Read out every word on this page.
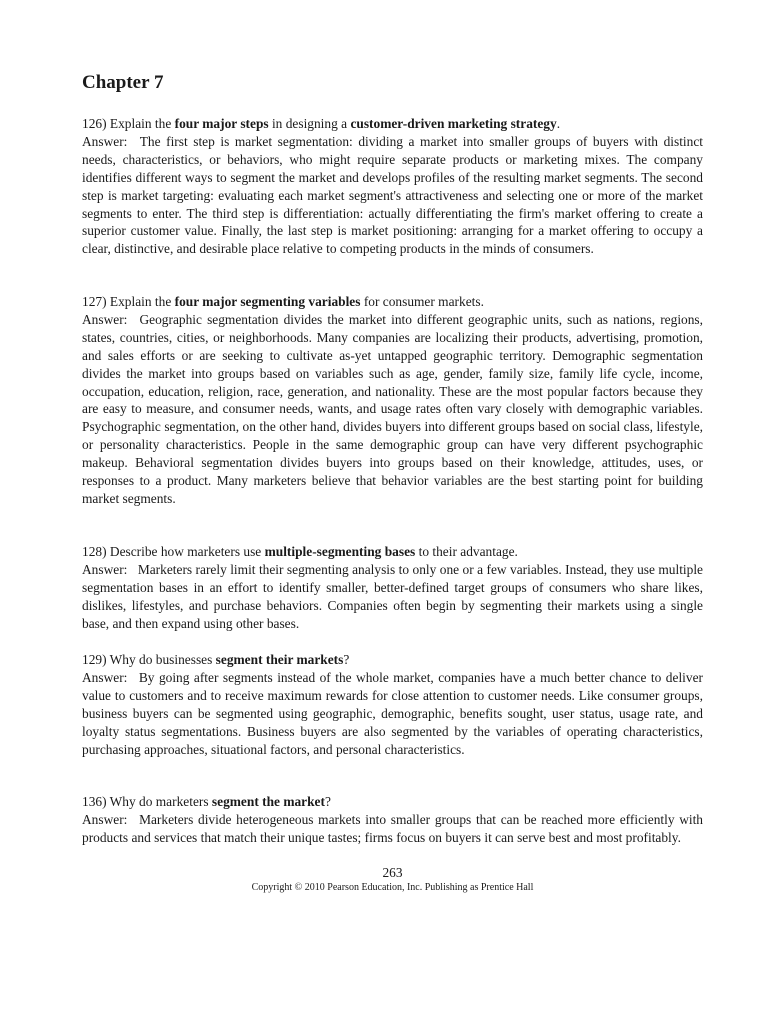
Chapter 7

126) Explain the four major steps in designing a customer-driven marketing strategy.

Answer: The first step is market segmentation: dividing a market into smaller groups of buyers with distinct needs, characteristics, or behaviors, who might require separate products or marketing mixes. The company identifies different ways to segment the market and develops profiles of the resulting market segments. The second step is market targeting: evaluating each market segment's attractiveness and selecting one or more of the market segments to enter. The third step is differentiation: actually differentiating the firm's market offering to create a superior customer value. Finally, the last step is market positioning: arranging for a market offering to occupy a clear, distinctive, and desirable place relative to competing products in the minds of consumers.

127) Explain the four major segmenting variables for consumer markets.

Answer: Geographic segmentation divides the market into different geographic units, such as nations, regions, states, countries, cities, or neighborhoods. Many companies are localizing their products, advertising, promotion, and sales efforts or are seeking to cultivate as-yet untapped geographic territory. Demographic segmentation divides the market into groups based on variables such as age, gender, family size, family life cycle, income, occupation, education, religion, race, generation, and nationality. These are the most popular factors because they are easy to measure, and consumer needs, wants, and usage rates often vary closely with demographic variables. Psychographic segmentation, on the other hand, divides buyers into different groups based on social class, lifestyle, or personality characteristics. People in the same demographic group can have very different psychographic makeup. Behavioral segmentation divides buyers into groups based on their knowledge, attitudes, uses, or responses to a product. Many marketers believe that behavior variables are the best starting point for building market segments.

128) Describe how marketers use multiple-segmenting bases to their advantage.

Answer: Marketers rarely limit their segmenting analysis to only one or a few variables. Instead, they use multiple segmentation bases in an effort to identify smaller, better-defined target groups of consumers who share likes, dislikes, lifestyles, and purchase behaviors. Companies often begin by segmenting their markets using a single base, and then expand using other bases.

129) Why do businesses segment their markets?

Answer: By going after segments instead of the whole market, companies have a much better chance to deliver value to customers and to receive maximum rewards for close attention to customer needs. Like consumer groups, business buyers can be segmented using geographic, demographic, benefits sought, user status, usage rate, and loyalty status segmentations. Business buyers are also segmented by the variables of operating characteristics, purchasing approaches, situational factors, and personal characteristics.

136) Why do marketers segment the market?

Answer: Marketers divide heterogeneous markets into smaller groups that can be reached more efficiently with products and services that match their unique tastes; firms focus on buyers it can serve best and most profitably.

263
Copyright © 2010 Pearson Education, Inc. Publishing as Prentice Hall
